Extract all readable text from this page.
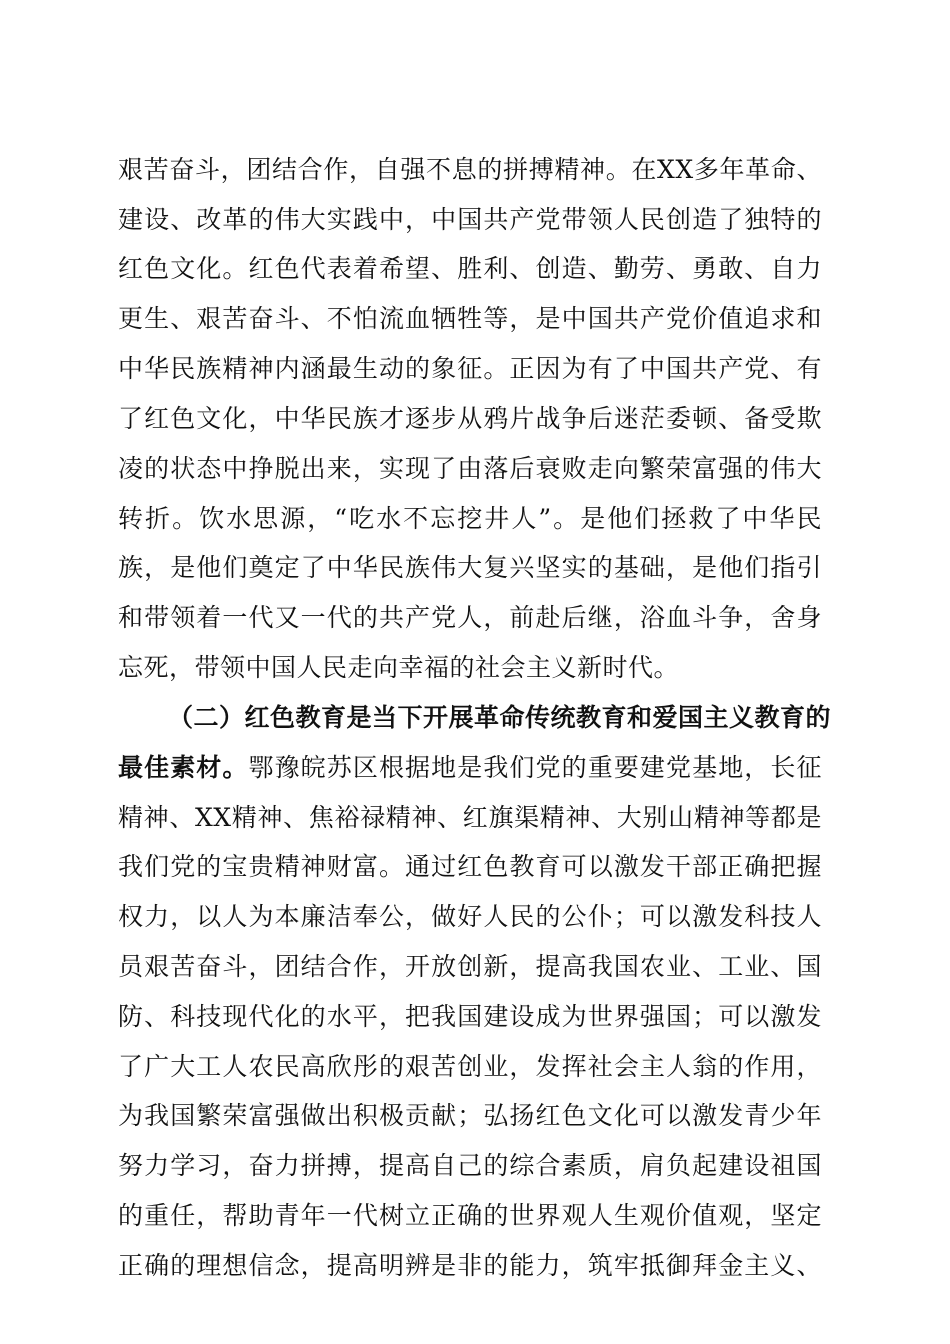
艰苦奋斗，团结合作，自强不息的拼搏精神。在XX多年革命、
建设、改革的伟大实践中，中国共产党带领人民创造了独特的
红色文化。红色代表着希望、胜利、创造、勤劳、勇敢、自力
更生、艰苦奋斗、不怕流血牺牲等，是中国共产党价值追求和
中华民族精神内涵最生动的象征。正因为有了中国共产党、有
了红色文化，中华民族才逐步从鸦片战争后迷茫委顿、备受欺
凌的状态中挣脱出来，实现了由落后衰败走向繁荣富强的伟大
转折。饮水思源，“吃水不忘挖井人”。是他们拯救了中华民
族，是他们奠定了中华民族伟大复兴坚实的基础，是他们指引
和带领着一代又一代的共产党人，前赴后继，浴血斗争，舍身
忘死，带领中国人民走向幸福的社会主义新时代。
（二）红色教育是当下开展革命传统教育和爱国主义教育的
最佳素材。鄂豫皖苏区根据地是我们党的重要建党基地，长征
精神、XX精神、焦裕禄精神、红旗渠精神、大别山精神等都是
我们党的宝贵精神财富。通过红色教育可以激发干部正确把握
权力，以人为本廉洁奉公，做好人民的公仆；可以激发科技人
员艰苦奋斗，团结合作，开放创新，提高我国农业、工业、国
防、科技现代化的水平，把我国建设成为世界强国；可以激发
了广大工人农民高欣彤的艰苦创业，发挥社会主人翁的作用，
为我国繁荣富强做出积极贡献；弘扬红色文化可以激发青少年
努力学习，奋力拼搏，提高自己的综合素质，肩负起建设祖国
的重任，帮助青年一代树立正确的世界观人生观价值观，坚定
正确的理想信念，提高明辨是非的能力，筑牢抵御拜金主义、
